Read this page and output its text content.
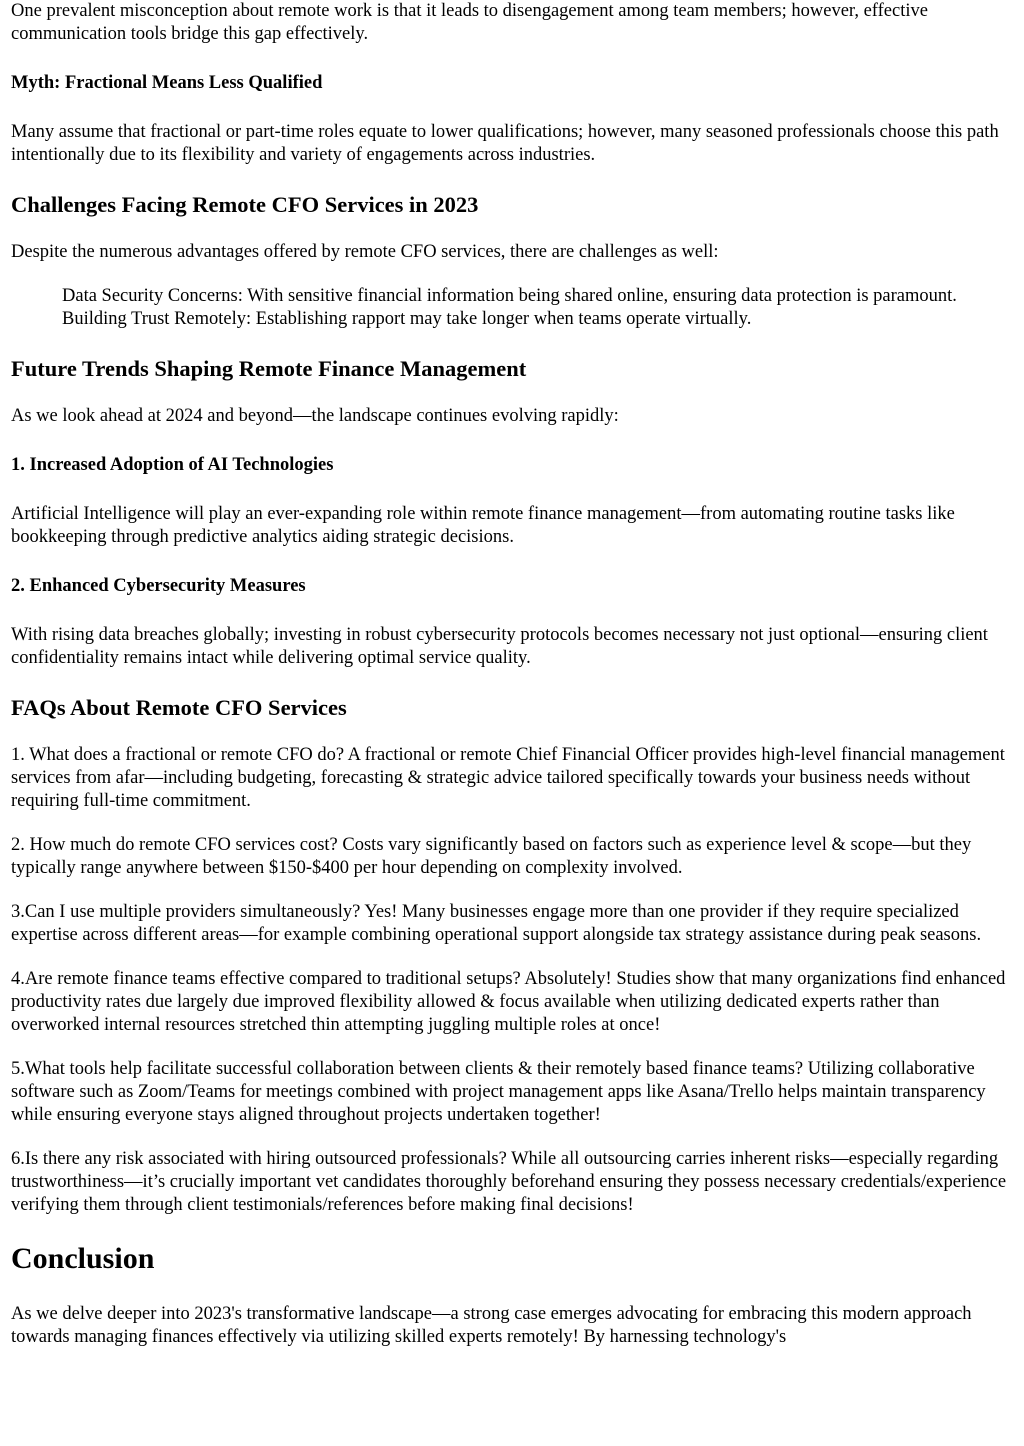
One prevalent misconception about remote work is that it leads to disengagement among team members; however, effective communication tools bridge this gap effectively.

Myth: Fractional Means Less Qualified

Many assume that fractional or part-time roles equate to lower qualifications; however, many seasoned professionals choose this path intentionally due to its flexibility and variety of engagements across industries.

Challenges Facing Remote CFO Services in 2023

Despite the numerous advantages offered by remote CFO services, there are challenges as well:

Data Security Concerns: With sensitive financial information being shared online, ensuring data protection is paramount. Building Trust Remotely: Establishing rapport may take longer when teams operate virtually.
Future Trends Shaping Remote Finance Management

As we look ahead at 2024 and beyond—the landscape continues evolving rapidly:

1. Increased Adoption of AI Technologies

Artificial Intelligence will play an ever-expanding role within remote finance management—from automating routine tasks like bookkeeping through predictive analytics aiding strategic decisions.

2. Enhanced Cybersecurity Measures

With rising data breaches globally; investing in robust cybersecurity protocols becomes necessary not just optional—ensuring client confidentiality remains intact while delivering optimal service quality.

FAQs About Remote CFO Services

1. What does a fractional or remote CFO do? A fractional or remote Chief Financial Officer provides high-level financial management services from afar—including budgeting, forecasting & strategic advice tailored specifically towards your business needs without requiring full-time commitment.

2. How much do remote CFO services cost? Costs vary significantly based on factors such as experience level & scope—but they typically range anywhere between $150-$400 per hour depending on complexity involved.

3.Can I use multiple providers simultaneously? Yes! Many businesses engage more than one provider if they require specialized expertise across different areas—for example combining operational support alongside tax strategy assistance during peak seasons.

4.Are remote finance teams effective compared to traditional setups? Absolutely! Studies show that many organizations find enhanced productivity rates due largely due improved flexibility allowed & focus available when utilizing dedicated experts rather than overworked internal resources stretched thin attempting juggling multiple roles at once!

5.What tools help facilitate successful collaboration between clients & their remotely based finance teams? Utilizing collaborative software such as Zoom/Teams for meetings combined with project management apps like Asana/Trello helps maintain transparency while ensuring everyone stays aligned throughout projects undertaken together!

6.Is there any risk associated with hiring outsourced professionals? While all outsourcing carries inherent risks—especially regarding trustworthiness—it’s crucially important vet candidates thoroughly beforehand ensuring they possess necessary credentials/experience verifying them through client testimonials/references before making final decisions!

Conclusion

As we delve deeper into 2023's transformative landscape—a strong case emerges advocating for embracing this modern approach towards managing finances effectively via utilizing skilled experts remotely! By harnessing technology's
